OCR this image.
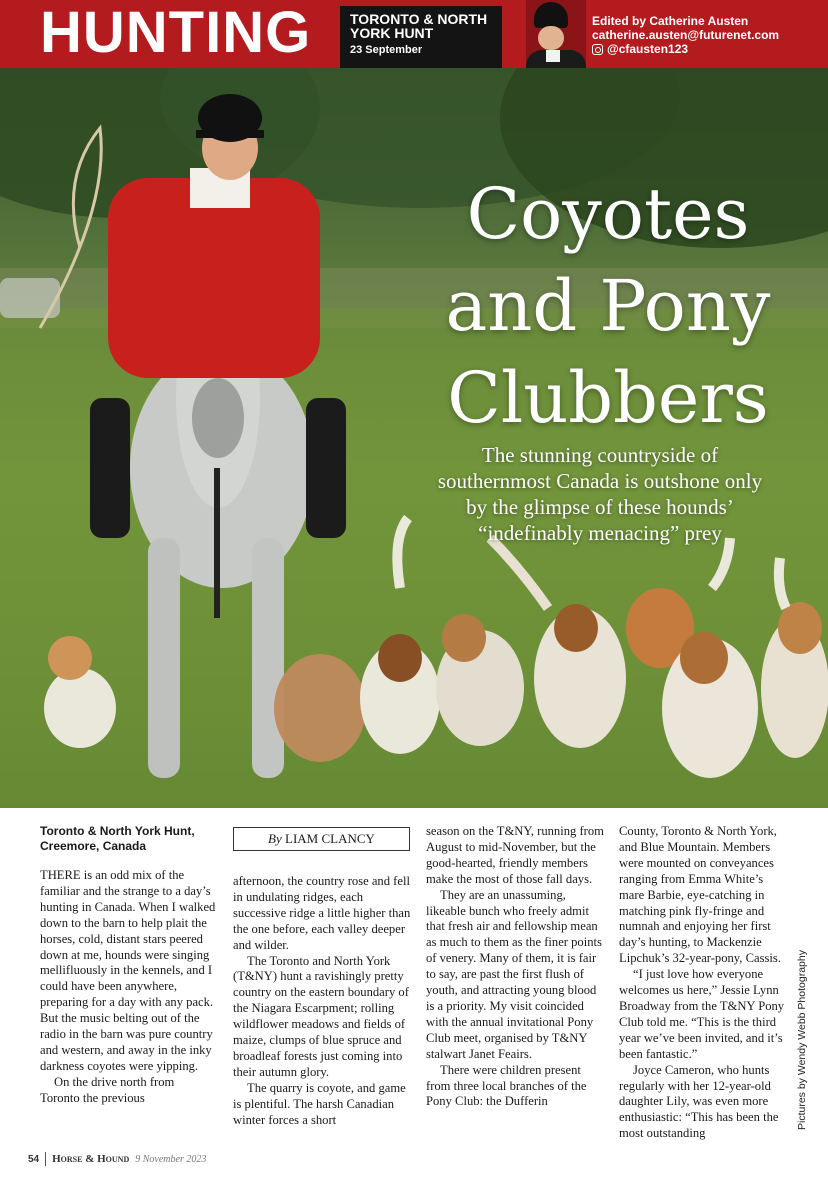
HUNTING	TORONTO & NORTH YORK HUNT
23 September
Edited by Catherine Austen
catherine.austen@futurenet.com
@cfausten123
Coyotes
and Pony
Clubbers
The stunning countryside of southernmost Canada is outshone only by the glimpse of these hounds’ “indefinably menacing” prey
By LIAM CLANCY
Toronto & North York Hunt, Creemore, Canada

THERE is an odd mix of the familiar and the strange to a day’s hunting in Canada. When I walked down to the barn to help plait the horses, cold, distant stars peered down at me, hounds were singing mellifluously in the kennels, and I could have been anywhere, preparing for a day with any pack. But the music belting out of the radio in the barn was pure country and western, and away in the inky darkness coyotes were yipping.

On the drive north from Toronto the previous

afternoon, the country rose and fell in undulating ridges, each successive ridge a little higher than the one before, each valley deeper and wilder.

The Toronto and North York (T&NY) hunt a ravishingly pretty country on the eastern boundary of the Niagara Escarpment; rolling wildflower meadows and fields of maize, clumps of blue spruce and broadleaf forests just coming into their autumn glory.

The quarry is coyote, and game is plentiful. The harsh Canadian winter forces a short

season on the T&NY, running from August to mid-November, but the good-hearted, friendly members make the most of those fall days.

They are an unassuming, likeable bunch who freely admit that fresh air and fellowship mean as much to them as the finer points of venery. Many of them, it is fair to say, are past the first flush of youth, and attracting young blood is a priority. My visit coincided with the annual invitational Pony Club meet, organised by T&NY stalwart Janet Feairs.

There were children present from three local branches of the Pony Club: the Dufferin

County, Toronto & North York, and Blue Mountain. Members were mounted on conveyances ranging from Emma White’s mare Barbie, eye-catching in matching pink fly-fringe and numnah and enjoying her first day’s hunting, to Mackenzie Lipchuk’s 32-year-pony, Cassis.

“I just love how everyone welcomes us here,” Jessie Lynn Broadway from the T&NY Pony Club told me. “This is the third year we’ve been invited, and it’s been fantastic.”

Joyce Cameron, who hunts regularly with her 12-year-old daughter Lily, was even more enthusiastic: “This has been the most outstanding

Pictures by Wendy Webb Photography
54 Horse & Hound 9 November 2023
